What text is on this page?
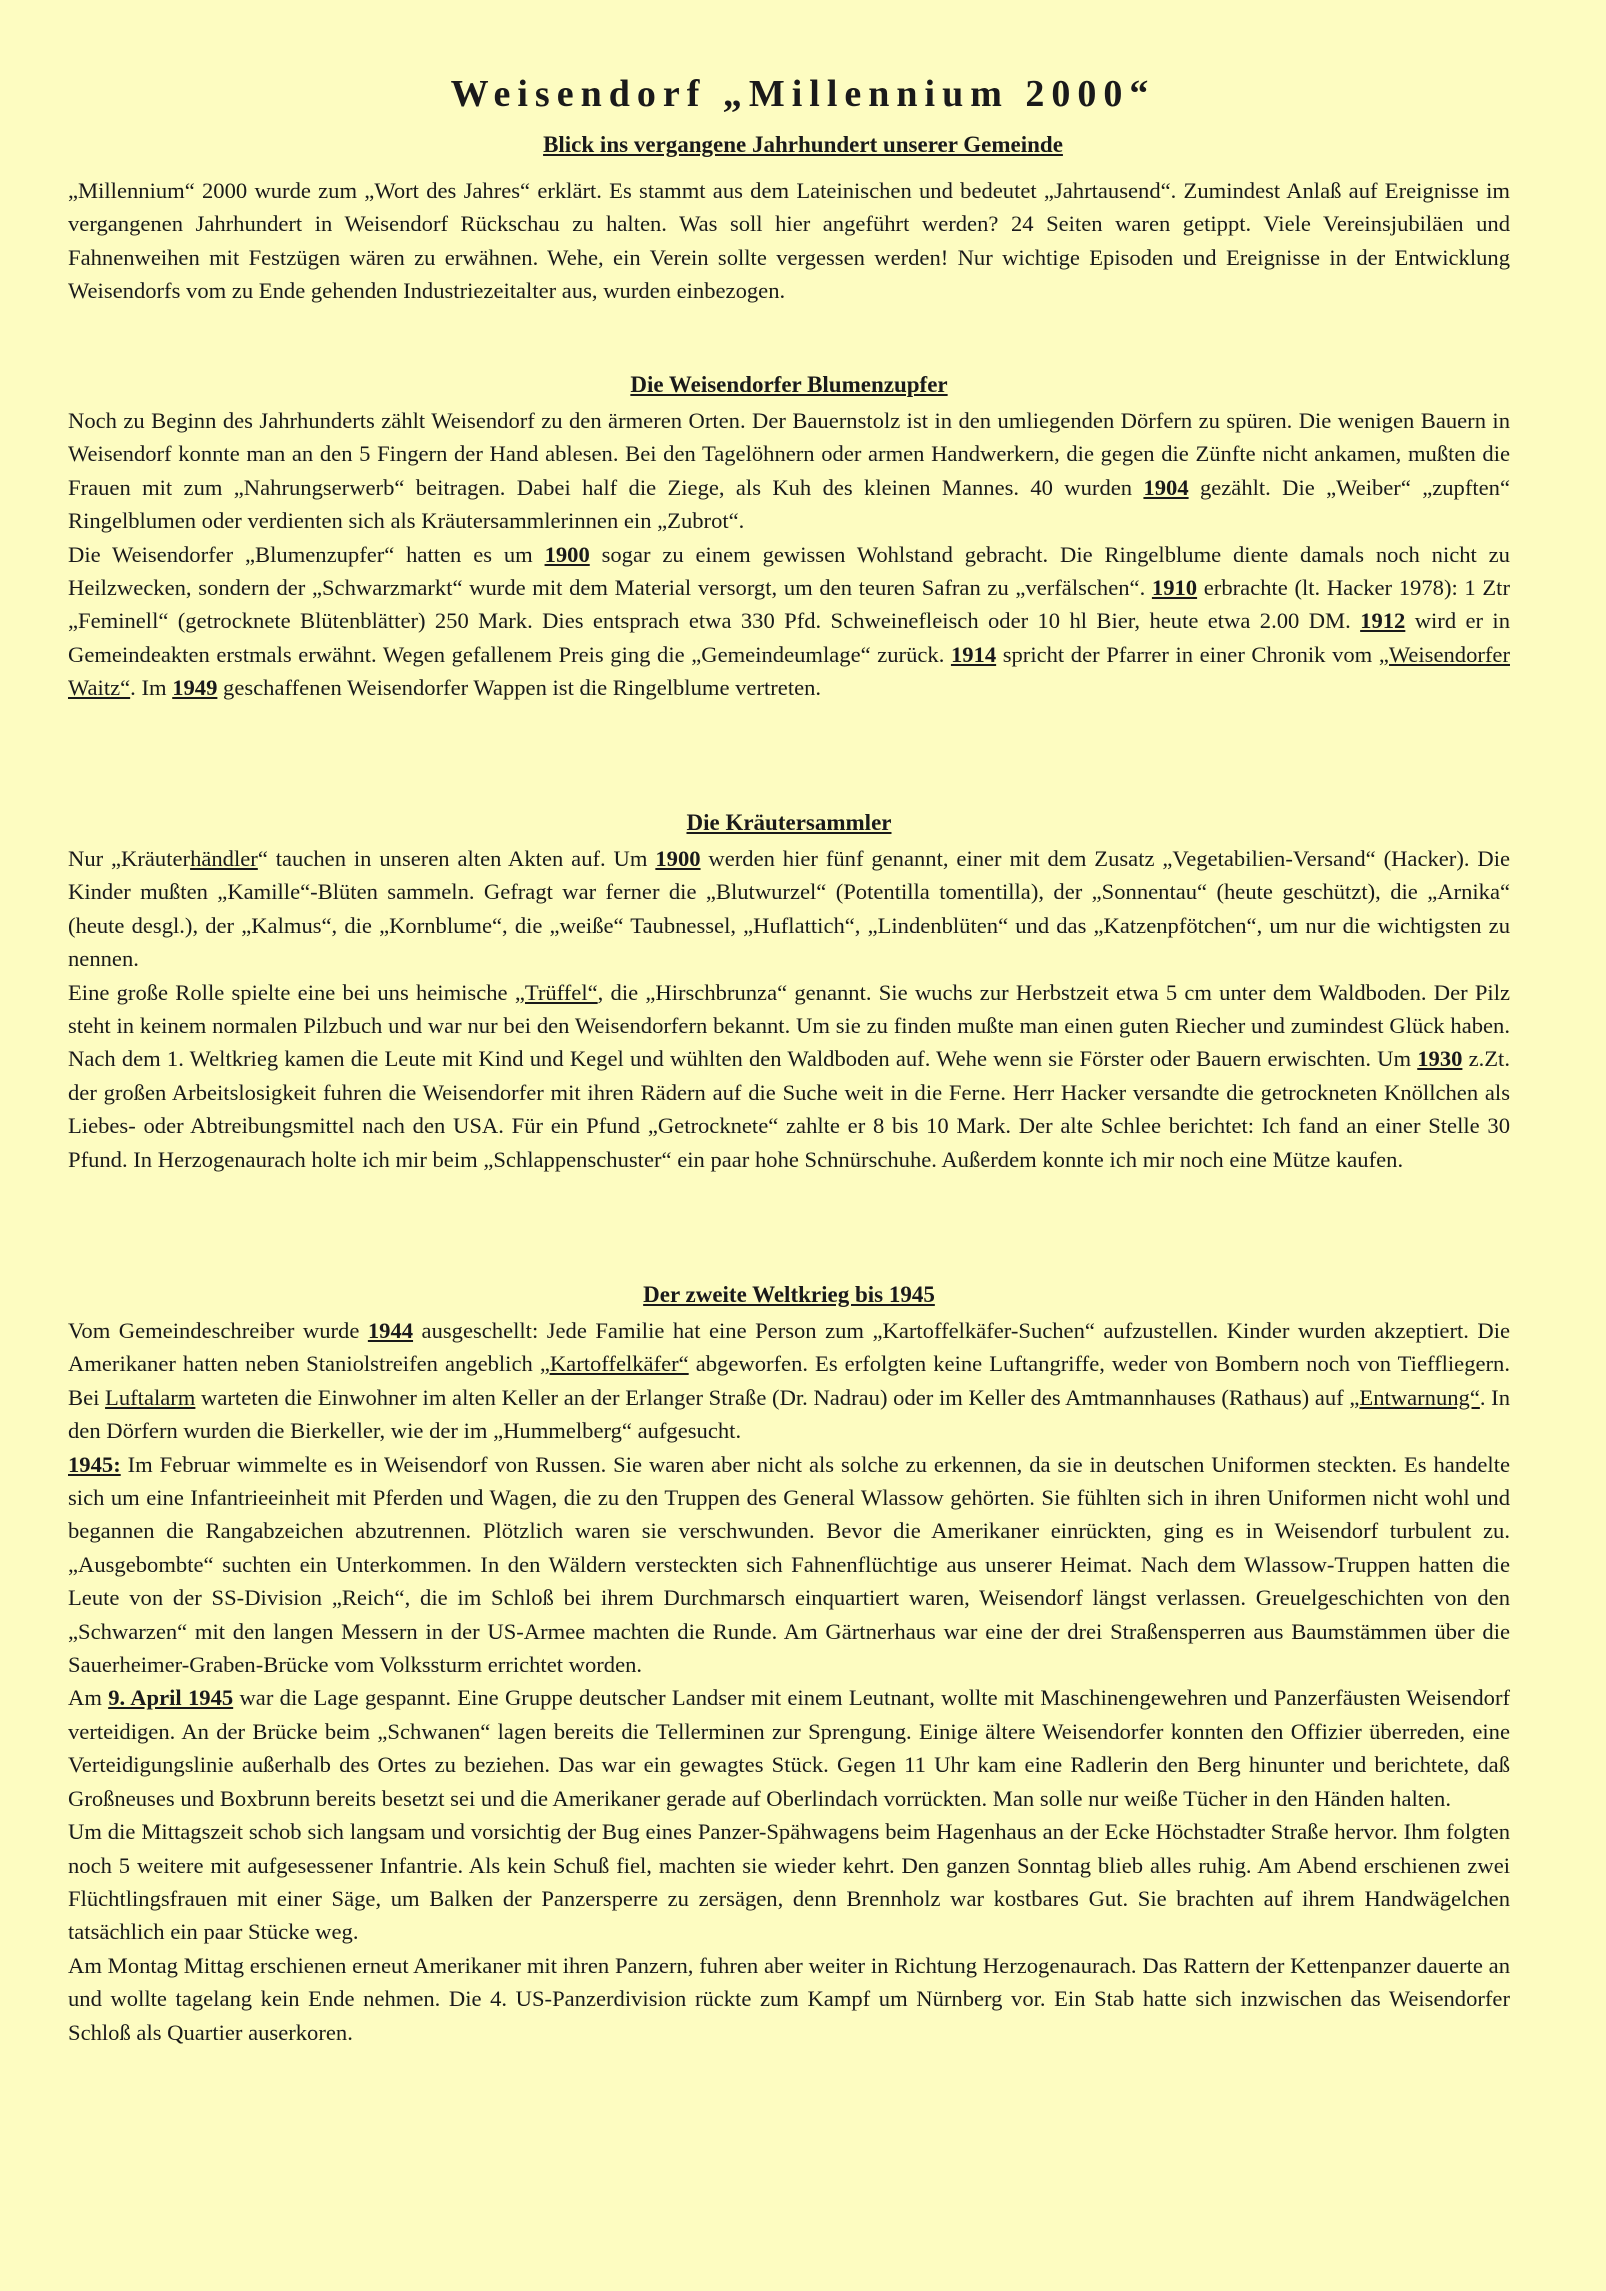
Weisendorf „Millennium 2000“
Blick ins vergangene Jahrhundert unserer Gemeinde

„Millennium“ 2000 wurde zum „Wort des Jahres“ erklärt. Es stammt aus dem Lateinischen und bedeutet „Jahrtausend“. Zumindest Anlaß auf Ereignisse im vergangenen Jahrhundert in Weisendorf Rückschau zu halten. Was soll hier angeführt werden? 24 Seiten waren getippt. Viele Vereinsjubiläen und Fahnenweihen mit Festzügen wären zu erwähnen. Wehe, ein Verein sollte vergessen werden! Nur wichtige Episoden und Ereignisse in der Entwicklung Weisendorfs vom zu Ende gehenden Industriezeitalter aus, wurden einbezogen.

Die Weisendorfer Blumenzupfer

Noch zu Beginn des Jahrhunderts zählt Weisendorf zu den ärmeren Orten. Der Bauernstolz ist in den umliegenden Dörfern zu spüren. Die wenigen Bauern in Weisendorf konnte man an den 5 Fingern der Hand ablesen. Bei den Tagelöhnern oder armen Handwerkern, die gegen die Zünfte nicht ankamen, mußten die Frauen mit zum „Nahrungserwerb“ beitragen. Dabei half die Ziege, als Kuh des kleinen Mannes. 40 wurden 1904 gezählt. Die „Weiber“ „zupften“ Ringelblumen oder verdienten sich als Kräutersammlerinnen ein „Zubrot“.

Die Weisendorfer „Blumenzupfer“ hatten es um 1900 sogar zu einem gewissen Wohlstand gebracht. Die Ringelblume diente damals noch nicht zu Heilzwecken, sondern der „Schwarzmarkt“ wurde mit dem Material versorgt, um den teuren Safran zu „verfälschen“. 1910 erbrachte (lt. Hacker 1978): 1 Ztr „Feminell“ (getrocknete Blütenblätter) 250 Mark. Dies entsprach etwa 330 Pfd. Schweinefleisch oder 10 hl Bier, heute etwa 2.00 DM. 1912 wird er in Gemeindeakten erstmals erwähnt. Wegen gefallenem Preis ging die „Gemeindeumlage“ zurück. 1914 spricht der Pfarrer in einer Chronik vom „Weisendorfer Waitz“. Im 1949 geschaffenen Weisendorfer Wappen ist die Ringelblume vertreten.

Die Kräutersammler

Nur „Kräuterhändler“ tauchen in unseren alten Akten auf. Um 1900 werden hier fünf genannt, einer mit dem Zusatz „Vegetabilien-Versand“ (Hacker). Die Kinder mußten „Kamille“-Blüten sammeln. Gefragt war ferner die „Blutwurzel“ (Potentilla tomentilla), der „Sonnentau“ (heute geschützt), die „Arnika“ (heute desgl.), der „Kalmus“, die „Kornblume“, die „weiße“ Taubnessel, „Huflattich“, „Lindenblüten“ und das „Katzenpfötchen“, um nur die wichtigsten zu nennen.

Eine große Rolle spielte eine bei uns heimische „Trüffel“, die „Hirschbrunza“ genannt. Sie wuchs zur Herbstzeit etwa 5 cm unter dem Waldboden. Der Pilz steht in keinem normalen Pilzbuch und war nur bei den Weisendorfern bekannt. Um sie zu finden mußte man einen guten Riecher und zumindest Glück haben. Nach dem 1. Weltkrieg kamen die Leute mit Kind und Kegel und wühlten den Waldboden auf. Wehe wenn sie Förster oder Bauern erwischten. Um 1930 z.Zt. der großen Arbeitslosigkeit fuhren die Weisendorfer mit ihren Rädern auf die Suche weit in die Ferne. Herr Hacker versandte die getrockneten Knöllchen als Liebes- oder Abtreibungsmittel nach den USA. Für ein Pfund „Getrocknete“ zahlte er 8 bis 10 Mark. Der alte Schlee berichtet: Ich fand an einer Stelle 30 Pfund. In Herzogenaurach holte ich mir beim „Schlappenschuster“ ein paar hohe Schnürschuhe. Außerdem konnte ich mir noch eine Mütze kaufen.

Der zweite Weltkrieg bis 1945

Vom Gemeindeschreiber wurde 1944 ausgeschellt: Jede Familie hat eine Person zum „Kartoffelkäfer-Suchen“ aufzustellen. Kinder wurden akzeptiert. Die Amerikaner hatten neben Staniolstreifen angeblich „Kartoffelkäfer“ abgeworfen. Es erfolgten keine Luftangriffe, weder von Bombern noch von Tieffliegern. Bei Luftalarm warteten die Einwohner im alten Keller an der Erlanger Straße (Dr. Nadrau) oder im Keller des Amtmannhauses (Rathaus) auf „Entwarnung“. In den Dörfern wurden die Bierkeller, wie der im „Hummelberg“ aufgesucht.

1945: Im Februar wimmelte es in Weisendorf von Russen. Sie waren aber nicht als solche zu erkennen, da sie in deutschen Uniformen steckten. Es handelte sich um eine Infantrieeinheit mit Pferden und Wagen, die zu den Truppen des General Wlassow gehörten. Sie fühlten sich in ihren Uniformen nicht wohl und begannen die Rangabzeichen abzutrennen. Plötzlich waren sie verschwunden. Bevor die Amerikaner einrückten, ging es in Weisendorf turbulent zu. „Ausgebombte“ suchten ein Unterkommen. In den Wäldern versteckten sich Fahnenflüchtige aus unserer Heimat. Nach dem Wlassow-Truppen hatten die Leute von der SS-Division „Reich“, die im Schloß bei ihrem Durchmarsch einquartiert waren, Weisendorf längst verlassen. Greuelgeschichten von den „Schwarzen“ mit den langen Messern in der US-Armee machten die Runde. Am Gärtnerhaus war eine der drei Straßensperren aus Baumstämmen über die Sauerheimer-Graben-Brücke vom Volkssturm errichtet worden.

Am 9. April 1945 war die Lage gespannt. Eine Gruppe deutscher Landser mit einem Leutnant, wollte mit Maschinengewehren und Panzerfäusten Weisendorf verteidigen. An der Brücke beim „Schwanen“ lagen bereits die Tellerminen zur Sprengung. Einige ältere Weisendorfer konnten den Offizier überreden, eine Verteidigungslinie außerhalb des Ortes zu beziehen. Das war ein gewagtes Stück. Gegen 11 Uhr kam eine Radlerin den Berg hinunter und berichtete, daß Großneuses und Boxbrunn bereits besetzt sei und die Amerikaner gerade auf Oberlindach vorrückten. Man solle nur weiße Tücher in den Händen halten.

Um die Mittagszeit schob sich langsam und vorsichtig der Bug eines Panzer-Spähwagens beim Hagenhaus an der Ecke Höchstadter Straße hervor. Ihm folgten noch 5 weitere mit aufgesessener Infantrie. Als kein Schuß fiel, machten sie wieder kehrt. Den ganzen Sonntag blieb alles ruhig. Am Abend erschienen zwei Flüchtlingsfrauen mit einer Säge, um Balken der Panzersperre zu zersägen, denn Brennholz war kostbares Gut. Sie brachten auf ihrem Handwägelchen tatsächlich ein paar Stücke weg.

Am Montag Mittag erschienen erneut Amerikaner mit ihren Panzern, fuhren aber weiter in Richtung Herzogenaurach. Das Rattern der Kettenpanzer dauerte an und wollte tagelang kein Ende nehmen. Die 4. US-Panzerdivision rückte zum Kampf um Nürnberg vor. Ein Stab hatte sich inzwischen das Weisendorfer Schloß als Quartier auserkoren.
